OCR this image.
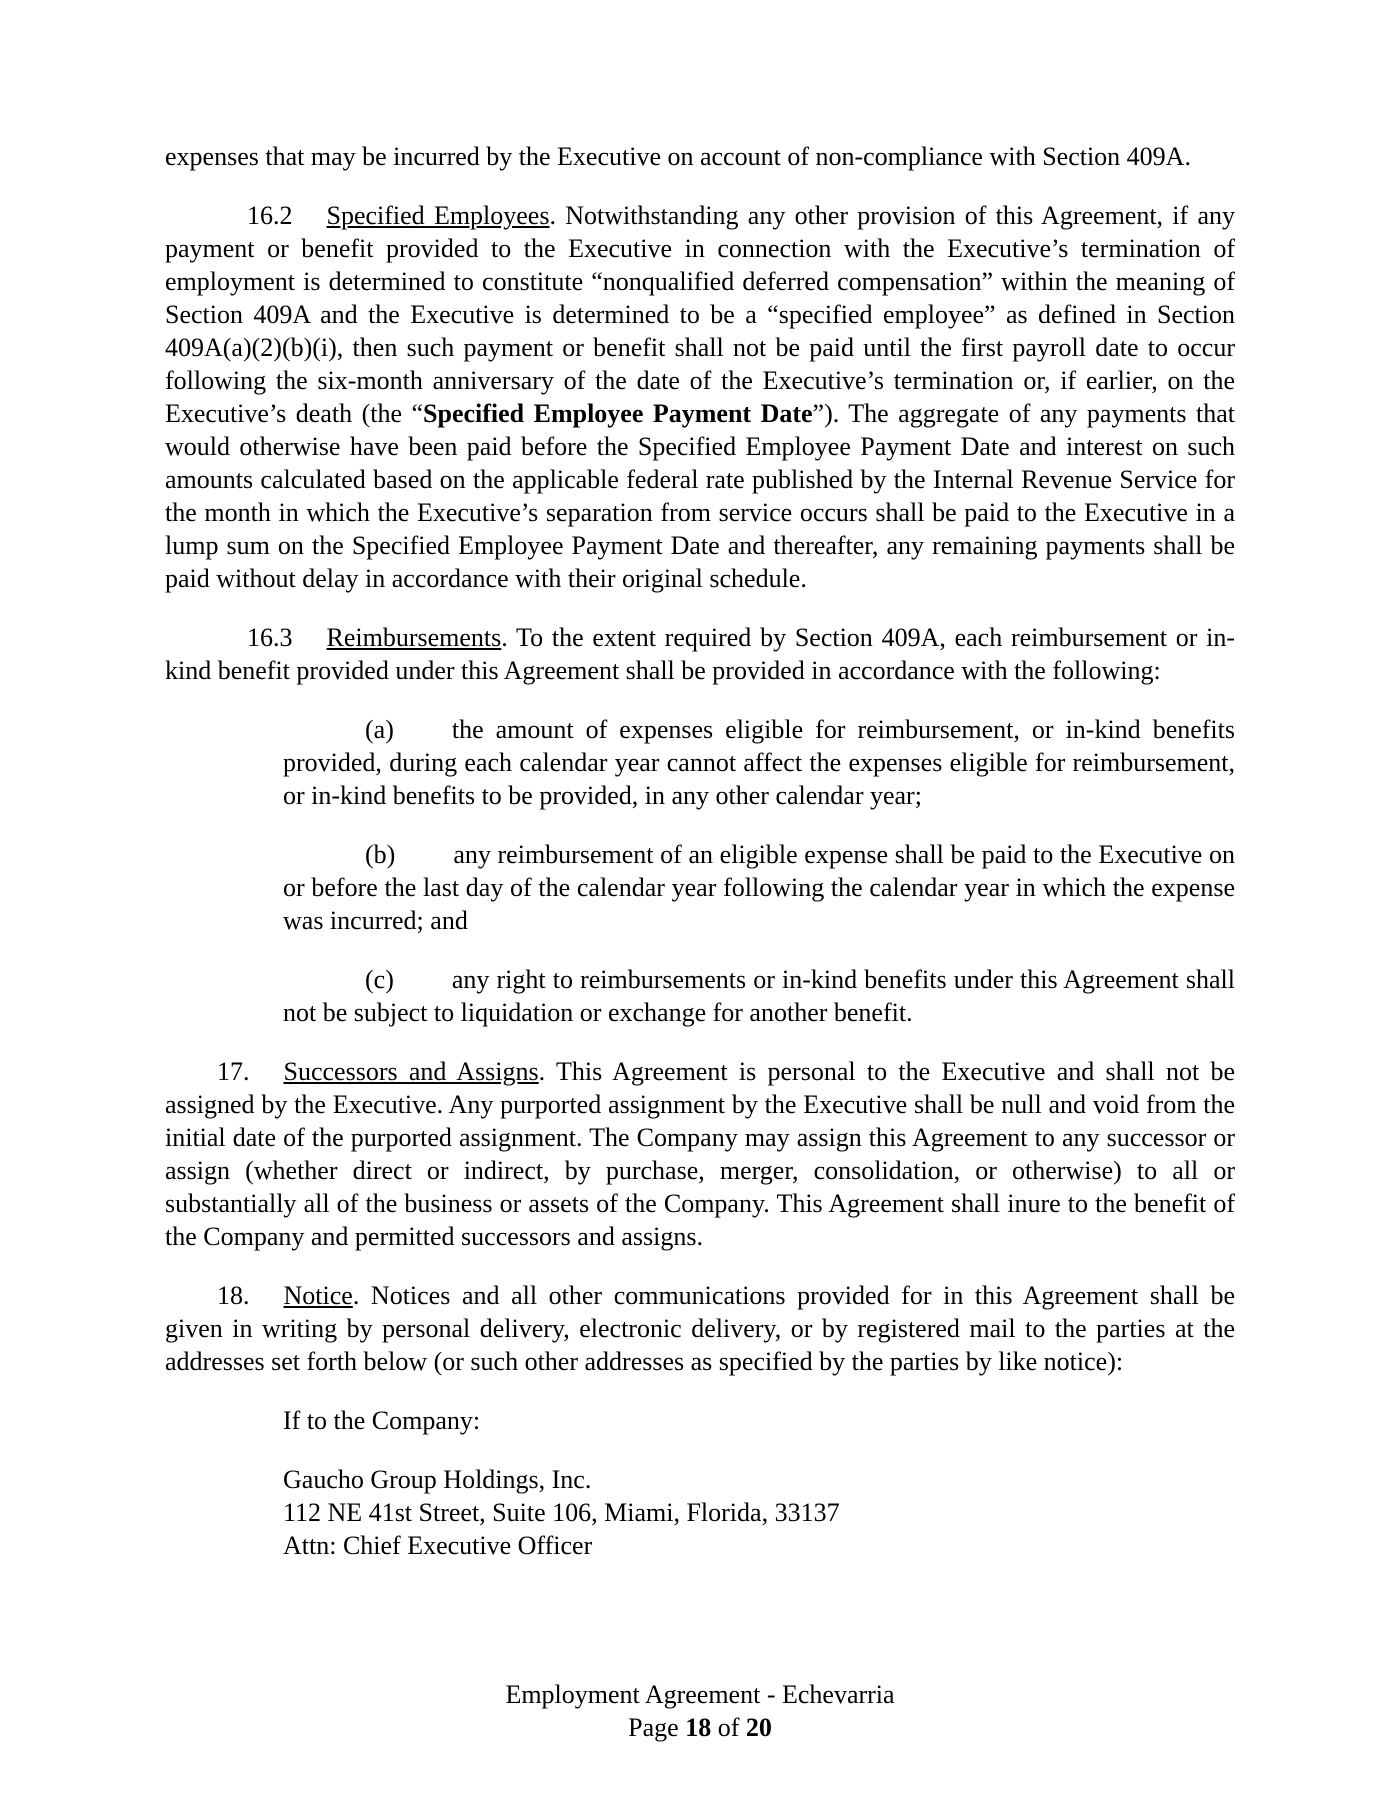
expenses that may be incurred by the Executive on account of non-compliance with Section 409A.

16.2 Specified Employees. Notwithstanding any other provision of this Agreement, if any payment or benefit provided to the Executive in connection with the Executive’s termination of employment is determined to constitute “nonqualified deferred compensation” within the meaning of Section 409A and the Executive is determined to be a “specified employee” as defined in Section 409A(a)(2)(b)(i), then such payment or benefit shall not be paid until the first payroll date to occur following the six-month anniversary of the date of the Executive’s termination or, if earlier, on the Executive’s death (the “Specified Employee Payment Date”). The aggregate of any payments that would otherwise have been paid before the Specified Employee Payment Date and interest on such amounts calculated based on the applicable federal rate published by the Internal Revenue Service for the month in which the Executive’s separation from service occurs shall be paid to the Executive in a lump sum on the Specified Employee Payment Date and thereafter, any remaining payments shall be paid without delay in accordance with their original schedule.

16.3 Reimbursements. To the extent required by Section 409A, each reimbursement or in-kind benefit provided under this Agreement shall be provided in accordance with the following:

(a) the amount of expenses eligible for reimbursement, or in-kind benefits provided, during each calendar year cannot affect the expenses eligible for reimbursement, or in-kind benefits to be provided, in any other calendar year;

(b) any reimbursement of an eligible expense shall be paid to the Executive on or before the last day of the calendar year following the calendar year in which the expense was incurred; and

(c) any right to reimbursements or in-kind benefits under this Agreement shall not be subject to liquidation or exchange for another benefit.

17. Successors and Assigns. This Agreement is personal to the Executive and shall not be assigned by the Executive. Any purported assignment by the Executive shall be null and void from the initial date of the purported assignment. The Company may assign this Agreement to any successor or assign (whether direct or indirect, by purchase, merger, consolidation, or otherwise) to all or substantially all of the business or assets of the Company. This Agreement shall inure to the benefit of the Company and permitted successors and assigns.

18. Notice. Notices and all other communications provided for in this Agreement shall be given in writing by personal delivery, electronic delivery, or by registered mail to the parties at the addresses set forth below (or such other addresses as specified by the parties by like notice):

If to the Company:

Gaucho Group Holdings, Inc.

112 NE 41st Street, Suite 106, Miami, Florida, 33137

Attn: Chief Executive Officer

Employment Agreement - Echevarria

Page 18 of 20
